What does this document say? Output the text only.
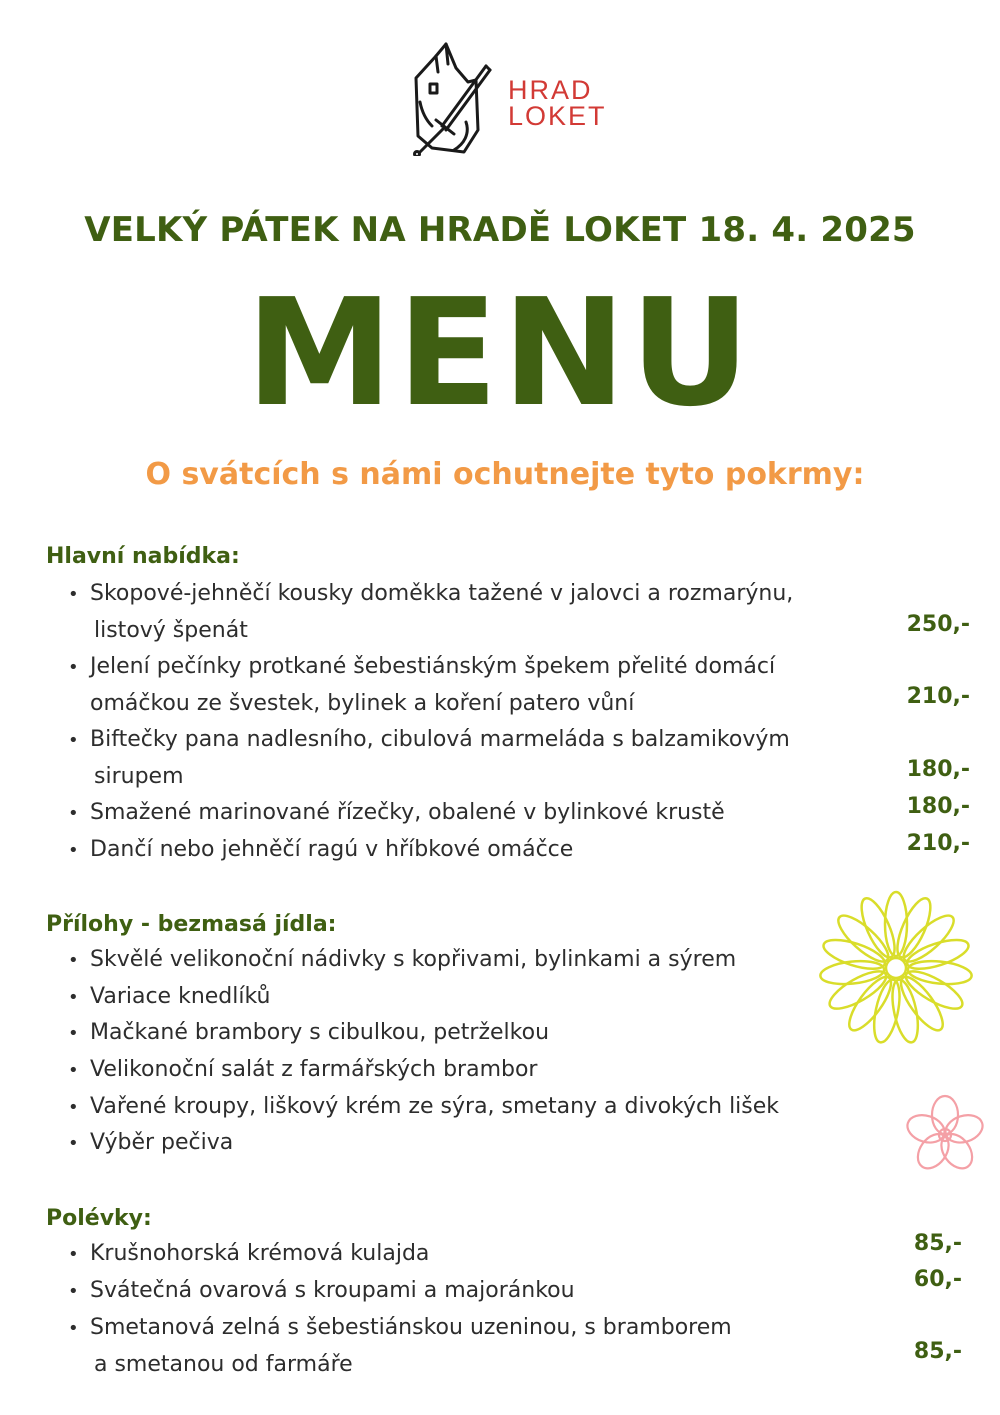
HRAD
LOKET
VELKÝ PÁTEK NA HRADĚ LOKET 18. 4. 2025
MENU
O svátcích s námi ochutnejte tyto pokrmy:
Hlavní nabídka:
• Skopové-jehněčí kousky doměkka tažené v jalovci a rozmarýnu,
listový špenát	250,-
• Jelení pečínky protkané šebestiánským špekem přelité domácí
omáčkou ze švestek, bylinek a koření patero vůní	210,-
• Biftečky pana nadlesního, cibulová marmeláda s balzamikovým
sirupem	180,-
• Smažené marinované řízečky, obalené v bylinkové krustě	180,-
• Dančí nebo jehněčí ragú v hříbkové omáčce	210,-
Přílohy - bezmasá jídla:
• Skvělé velikonoční nádivky s kopřivami, bylinkami a sýrem
• Variace knedlíků
• Mačkané brambory s cibulkou, petrželkou
• Velikonoční salát z farmářských brambor
• Vařené kroupy, liškový krém ze sýra, smetany a divokých lišek
• Výběr pečiva
Polévky:
• Krušnohorská krémová kulajda	85,-
• Svátečná ovarová s kroupami a majoránkou	60,-
• Smetanová zelná s šebestiánskou uzeninou, s bramborem
a smetanou od farmáře
85,-
